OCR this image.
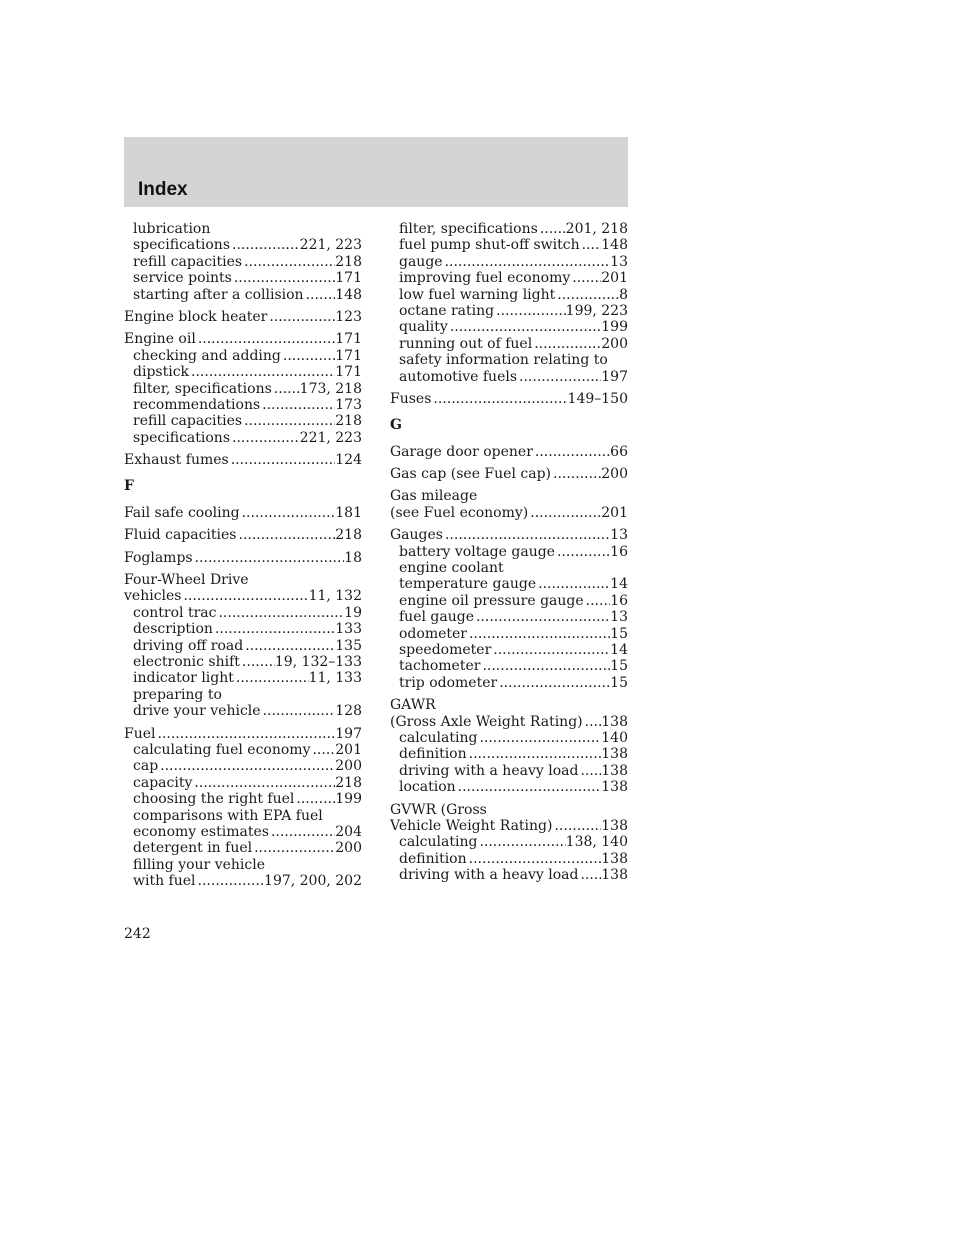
Index
lubrication
specifications .....	221, 223
refill capacities .....	218
service points .....	171
starting after a collision ..... 148
Engine block heater .....	123
Engine oil .....	171
checking and adding .....	171
dipstick .....	171
filter, specifications ..... 173, 218
recommendations .....	173
refill capacities .....	218
specifications .....	221, 223
Exhaust fumes .....	124
F
Fail safe cooling .....	181
Fluid capacities .....	218
Foglamps .....	18
Four-Wheel Drive
vehicles .....	11, 132
control trac .....	19
description .....	133
driving off road .....	135
electronic shift ..... 19, 132–133
indicator light .....	11, 133
preparing to
drive your vehicle .....	128
Fuel .....	197
calculating fuel economy ..... 201
cap .....	200
capacity .....	218
choosing the right fuel .....	199
comparisons with EPA fuel
economy estimates .....	204
detergent in fuel .....	200
filling your vehicle
with fuel .....	197, 200, 202
filter, specifications ..... 201, 218
fuel pump shut-off switch ..... 148
gauge .....	13
improving fuel economy ..... 201
low fuel warning light .....	8
octane rating .....	199, 223
quality .....	199
running out of fuel .....	200
safety information relating to
automotive fuels .....	197
Fuses .....	149–150
G
Garage door opener .....	66
Gas cap (see Fuel cap) .....	200
Gas mileage
(see Fuel economy) .....	201
Gauges .....	13
battery voltage gauge .....	16
engine coolant
temperature gauge .....	14
engine oil pressure gauge ..... 16
fuel gauge .....	13
odometer .....	15
speedometer .....	14
tachometer .....	15
trip odometer .....	15
GAWR
(Gross Axle Weight Rating) ..... 138
calculating .....	140
definition .....	138
driving with a heavy load ..... 138
location .....	138
GVWR (Gross
Vehicle Weight Rating) .....	138
calculating .....	138, 140
definition .....	138
driving with a heavy load ..... 138
242
